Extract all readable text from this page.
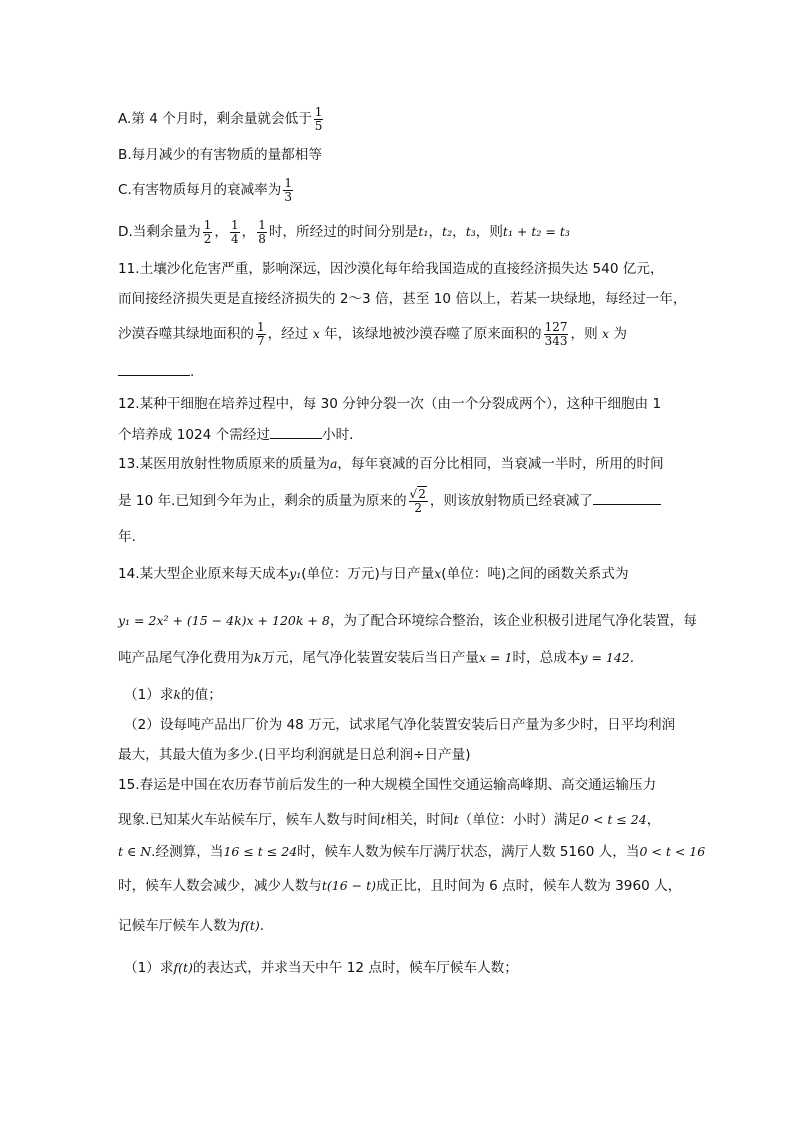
A.第 4 个月时，剩余量就会低于 $\frac{1}{5}$
B.每月减少的有害物质的量都相等
C.有害物质每月的衰减率为 $\frac{1}{3}$
D.当剩余量为 $\frac{1}{2}$ ， $\frac{1}{4}$ ， $\frac{1}{8}$ 时，所经过的时间分别是t₁，t₂，t₃，则t₁ + t₂ = t₃
11.土壤沙化危害严重，影响深远，因沙漠化每年给我国造成的直接经济损失达 540 亿元，
而间接经济损失更是直接经济损失的 2～3 倍，甚至 10 倍以上，若某一块绿地，每经过一年，
沙漠吞噬其绿地面积的 $\frac{1}{7}$ ，经过 x 年，该绿地被沙漠吞噬了原来面积的 $\frac{127}{343}$ ，则 x 为
.
12.某种干细胞在培养过程中，每 30 分钟分裂一次（由一个分裂成两个），这种干细胞由 1
个培养成 1024 个需经过	小时.
13.某医用放射性物质原来的质量为a，每年衰减的百分比相同，当衰减一半时，所用的时间
是 10 年.已知到今年为止，剩余的质量为原来的 $\frac{√2}{2}$ ，则该放射物质已经衰减了
年.
14.某大型企业原来每天成本y₁(单位：万元)与日产量x(单位：吨)之间的函数关系式为
y₁ = 2x² + (15 − 4k)x + 120k + 8，为了配合环境综合整治，该企业积极引进尾气净化装置，每
吨产品尾气净化费用为k万元，尾气净化装置安装后当日产量x = 1时，总成本y = 142.
（1）求k的值；
（2）设每吨产品出厂价为 48 万元，试求尾气净化装置安装后日产量为多少时，日平均利润
最大，其最大值为多少.(日平均利润就是日总利润÷日产量)
15.春运是中国在农历春节前后发生的一种大规模全国性交通运输高峰期、高交通运输压力
现象.已知某火车站候车厅，候车人数与时间t相关，时间t（单位：小时）满足0 < t ≤ 24，
t ∈ N.经测算，当16 ≤ t ≤ 24时，候车人数为候车厅满厅状态，满厅人数 5160 人，当0 < t < 16
时，候车人数会减少，减少人数与t(16 − t)成正比，且时间为 6 点时，候车人数为 3960 人，
记候车厅候车人数为f(t).
（1）求f(t)的表达式，并求当天中午 12 点时，候车厅候车人数；
